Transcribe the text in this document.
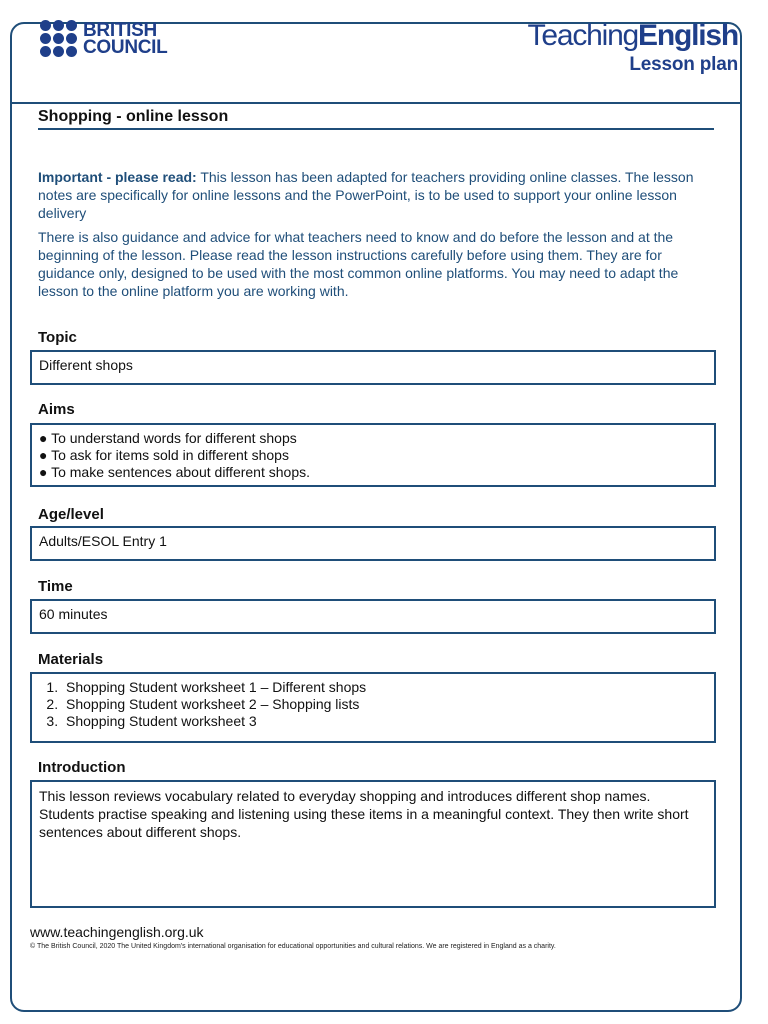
BRITISH
COUNCIL	TeachingEnglish
Lesson plan
Shopping - online lesson

Important - please read: This lesson has been adapted for teachers providing online classes. The lesson notes are specifically for online lessons and the PowerPoint, is to be used to support your online lesson delivery

There is also guidance and advice for what teachers need to know and do before the lesson and at the beginning of the lesson. Please read the lesson instructions carefully before using them. They are for guidance only, designed to be used with the most common online platforms. You may need to adapt the lesson to the online platform you are working with.

Topic
Different shops
Aims
● To understand words for different shops
● To ask for items sold in different shops
● To make sentences about different shops.
Age/level
Adults/ESOL Entry 1
Time
60 minutes
Materials
1. Shopping Student worksheet 1 – Different shops
2. Shopping Student worksheet 2 – Shopping lists
3. Shopping Student worksheet 3
Introduction
This lesson reviews vocabulary related to everyday shopping and introduces different shop names. Students practise speaking and listening using these items in a meaningful context. They then write short sentences about different shops.
www.teachingenglish.org.uk
© The British Council, 2020 The United Kingdom's international organisation for educational opportunities and cultural relations. We are registered in England as a charity.
